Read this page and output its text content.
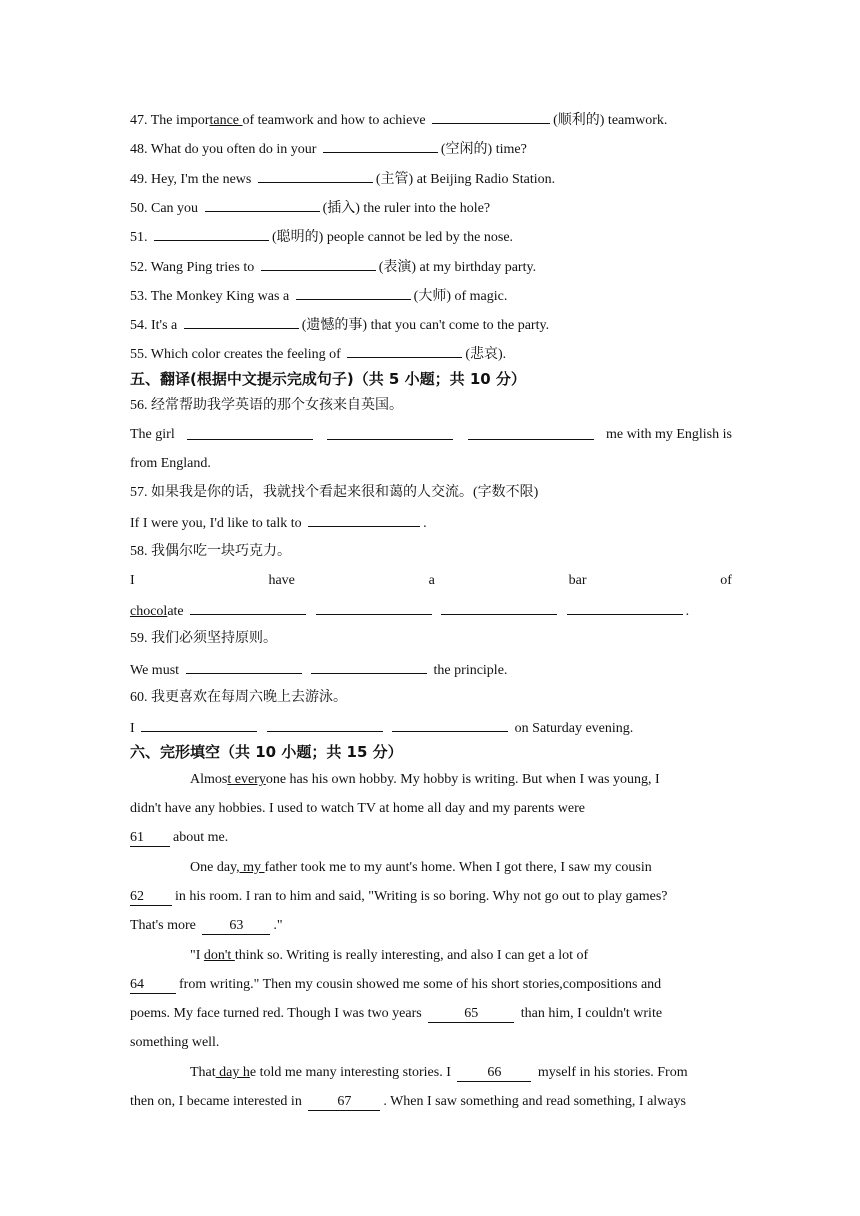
47. The importance of teamwork and how to achieve	(顺利的) teamwork.
48. What do you often do in your	(空闲的) time?
49. Hey, I'm the news	(主管) at Beijing Radio Station.
50. Can you	(插入) the ruler into the hole?
51.	(聪明的) people cannot be led by the nose.
52. Wang Ping tries to	(表演) at my birthday party.
53. The Monkey King was a	(大师) of magic.
54. It's a	(遗憾的事) that you can't come to the party.
55. Which color creates the feeling of	(悲哀).
五、翻译(根据中文提示完成句子)（共 5 小题；共 10 分）
56. 经常帮助我学英语的那个女孩来自英国。
The girl	me with my English is
from England.
57. 如果我是你的话，我就找个看起来很和蔼的人交流。(字数不限)
If I were you, I'd like to talk to	.
58. 我偶尔吃一块巧克力。
I	have	a	bar	of
chocolate	.
59. 我们必须坚持原则。
We must	the principle.
60. 我更喜欢在每周六晚上去游泳。
I	on Saturday evening.
六、完形填空（共 10 小题；共 15 分）
Almost everyone has his own hobby. My hobby is writing. But when I was young, I
didn't have any hobbies. I used to watch TV at home all day and my parents were
61 about me.
One day, my father took me to my aunt's home. When I got there, I saw my cousin
62 in his room. I ran to him and said, "Writing is so boring. Why not go out to play games?
That's more 63 ."
"I don't think so. Writing is really interesting, and also I can get a lot of
64	from writing." Then my cousin showed me some of his short stories,compositions and
poems. My face turned red. Though I was two years	65	than him, I couldn't write
something well.
That day he told me many interesting stories. I	66	myself in his stories. From
then on, I became interested in	67 . When I saw something and read something, I always
